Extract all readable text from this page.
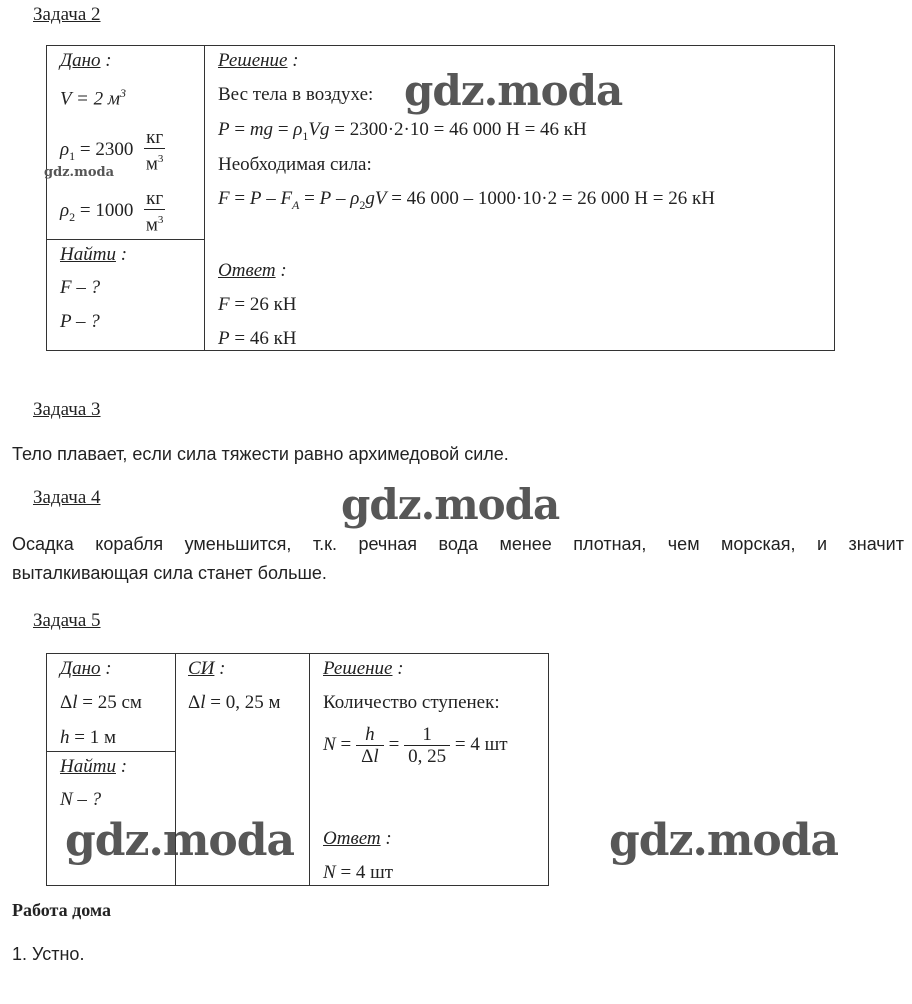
Задача 2
Дано :
V = 2 $м^3$
$\rho_1 = 2300 \frac{кг}{м^3}$
$\rho_2 = 1000 \frac{кг}{м^3}$
Найти :
F – ?
P – ?
Решение :
Вес тела в воздухе:
P = mg = $\rho_1Vg = 2300\cdot 2\cdot 10 = 46$ 000 Н = 46 кН
Необходимая сила:
$F = P - F_A = P - \rho_2gV = 46$ 000 – 1000·10·2 = 26 000 Н = 26 кН
Ответ :
F = 26 кН
P = 46 кН
Задача 3
Тело плавает, если сила тяжести равно архимедовой силе.
Задача 4
Осадка корабля уменьшится, т.к. речная вода менее плотная, чем морская, и значит
выталкивающая сила станет больше.
Задача 5
Дано :
Δl = 25 см
h = 1 м
Найти :
N – ?
СИ :
Δl = 0, 25 м
Решение :
Количество ступенек:
$N = \frac{h}{\Delta l} = \frac{1}{0, 25} = 4$ шт
Ответ :
N = 4 шт
Работа дома
1. Устно.
gdz.moda
gdz.moda
gdz.moda
gdz.moda	gdz.moda
